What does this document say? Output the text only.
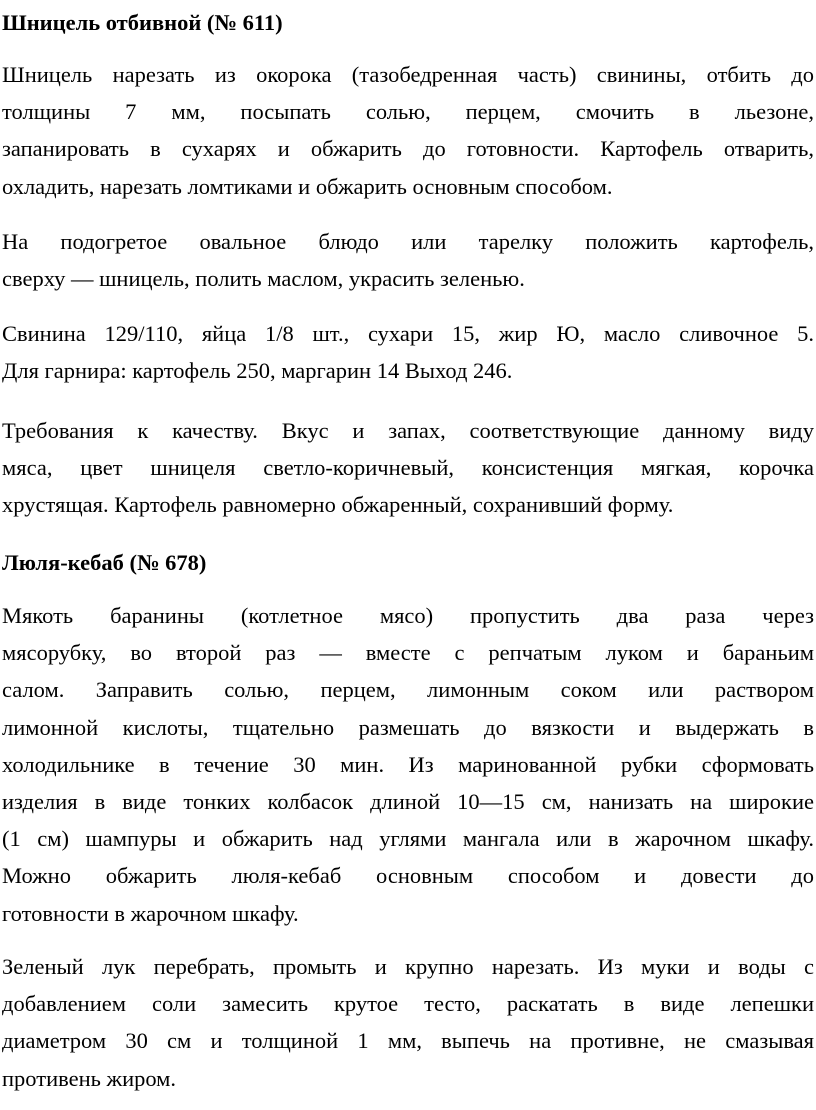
Шницель отбивной (№ 611)

Шницель нарезать из окорока (тазобедренная часть) свинины, отбить до
толщины 7 мм, посыпать солью, перцем, смочить в льезоне,
запанировать в сухарях и обжарить до готовности. Картофель отварить,
охладить, нарезать ломтиками и обжарить основным способом.

На подогретое овальное блюдо или тарелку положить картофель,
сверху — шницель, полить маслом, украсить зеленью.

Свинина 129/110, яйца 1/8 шт., сухари 15, жир Ю, масло сливочное 5.
Для гарнира: картофель 250, маргарин 14 Выход 246.

Требования к качеству. Вкус и запах, соответствующие данному виду
мяса, цвет шницеля светло-коричневый, консистенция мягкая, корочка
хрустящая. Картофель равномерно обжаренный, сохранивший форму.

Люля-кебаб (№ 678)

Мякоть баранины (котлетное мясо) пропустить два раза через
мясорубку, во второй раз — вместе с репчатым луком и бараньим
салом. Заправить солью, перцем, лимонным соком или раствором
лимонной кислоты, тщательно размешать до вязкости и выдержать в
холодильнике в течение 30 мин. Из маринованной рубки сформовать
изделия в виде тонких колбасок длиной 10—15 см, нанизать на широкие
(1 см) шампуры и обжарить над углями мангала или в жарочном шкафу.
Можно обжарить люля-кебаб основным способом и довести до
готовности в жарочном шкафу.

Зеленый лук перебрать, промыть и крупно нарезать. Из муки и воды с
добавлением соли замесить крутое тесто, раскатать в виде лепешки
диаметром 30 см и толщиной 1 мм, выпечь на противне, не смазывая
противень жиром.
